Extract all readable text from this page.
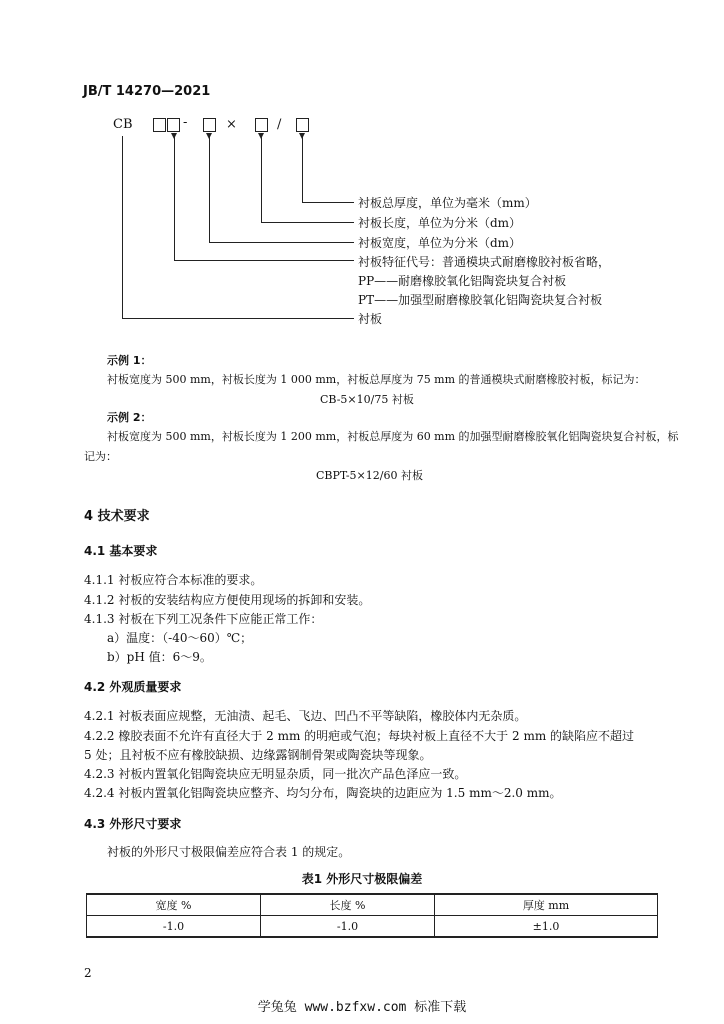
JB/T 14270—2021
CB	-	×	/
衬板总厚度，单位为毫米（mm）
衬板长度，单位为分米（dm）
衬板宽度，单位为分米（dm）
衬板特征代号：普通模块式耐磨橡胶衬板省略，
PP——耐磨橡胶氧化铝陶瓷块复合衬板
PT——加强型耐磨橡胶氧化铝陶瓷块复合衬板
衬板
示例 1：
衬板宽度为 500 mm，衬板长度为 1 000 mm，衬板总厚度为 75 mm 的普通模块式耐磨橡胶衬板，标记为：
CB-5×10/75 衬板
示例 2：
衬板宽度为 500 mm，衬板长度为 1 200 mm，衬板总厚度为 60 mm 的加强型耐磨橡胶氧化铝陶瓷块复合衬板，标
记为：
CBPT-5×12/60 衬板
4 技术要求
4.1 基本要求
4.1.1 衬板应符合本标准的要求。
4.1.2 衬板的安装结构应方便使用现场的拆卸和安装。
4.1.3 衬板在下列工况条件下应能正常工作：
a）温度：（-40～60）℃；
b）pH 值：6～9。
4.2 外观质量要求
4.2.1 衬板表面应规整，无油渍、起毛、飞边、凹凸不平等缺陷，橡胶体内无杂质。
4.2.2 橡胶表面不允许有直径大于 2 mm 的明疤或气泡；每块衬板上直径不大于 2 mm 的缺陷应不超过
5 处；且衬板不应有橡胶缺损、边缘露钢制骨架或陶瓷块等现象。
4.2.3 衬板内置氧化铝陶瓷块应无明显杂质，同一批次产品色泽应一致。
4.2.4 衬板内置氧化铝陶瓷块应整齐、均匀分布，陶瓷块的边距应为 1.5 mm～2.0 mm。
4.3 外形尺寸要求
衬板的外形尺寸极限偏差应符合表 1 的规定。
表1 外形尺寸极限偏差
宽度 %	长度 %	厚度 mm
-1.0	-1.0	±1.0
2
学兔兔 www.bzfxw.com 标准下载
